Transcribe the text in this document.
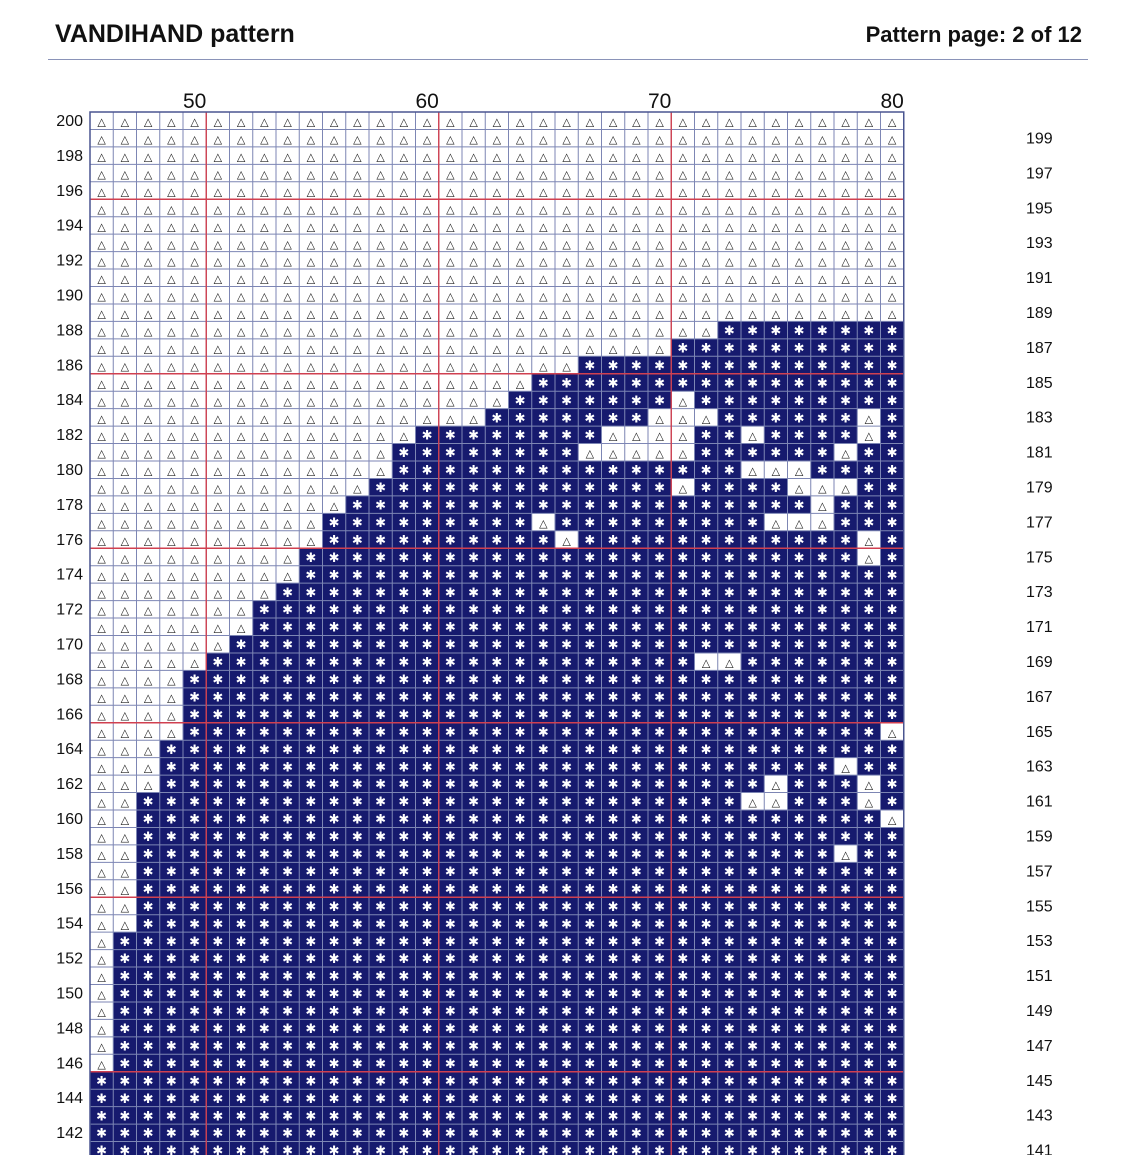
VANDIHAND pattern	Pattern page: 2 of 12
△ △ △ △ △ △ △ △ △ △ △ △ △ △ △ △ △ △ △ △ △ △ △ △ △ △ △ △ △ △ △ △ △ △ △
△ △ △ △ △ △ △ △ △ △ △ △ △ △ △ △ △ △ △ △ △ △ △ △ △ △ △ △ △ △ △ △ △ △ △
△ △ △ △ △ △ △ △ △ △ △ △ △ △ △ △ △ △ △ △ △ △ △ △ △ △ △ △ △ △ △ △ △ △ △
△ △ △ △ △ △ △ △ △ △ △ △ △ △ △ △ △ △ △ △ △ △ △ △ △ △ △ △ △ △ △ △ △ △ △
△ △ △ △ △ △ △ △ △ △ △ △ △ △ △ △ △ △ △ △ △ △ △ △ △ △ △ △ △ △ △ △ △ △ △
△ △ △ △ △ △ △ △ △ △ △ △ △ △ △ △ △ △ △ △ △ △ △ △ △ △ △ △ △ △ △ △ △ △ △
△ △ △ △ △ △ △ △ △ △ △ △ △ △ △ △ △ △ △ △ △ △ △ △ △ △ △ △ △ △ △ △ △ △ △
△ △ △ △ △ △ △ △ △ △ △ △ △ △ △ △ △ △ △ △ △ △ △ △ △ △ △ △ △ △ △ △ △ △ △
△ △ △ △ △ △ △ △ △ △ △ △ △ △ △ △ △ △ △ △ △ △ △ △ △ △ △ △ △ △ △ △ △ △ △
△ △ △ △ △ △ △ △ △ △ △ △ △ △ △ △ △ △ △ △ △ △ △ △ △ △ △ △ △ △ △ △ △ △ △
△ △ △ △ △ △ △ △ △ △ △ △ △ △ △ △ △ △ △ △ △ △ △ △ △ △ △ △ △ △ △ △ △ △ △
△ △ △ △ △ △ △ △ △ △ △ △ △ △ △ △ △ △ △ △ △ △ △ △ △ △ △ △ △ △ △ △ △ △ △
△ △ △ △ △ △ △ △ △ △ △ △ △ △ △ △ △ △ △ △ △ △ △ △ △ △ △ ✱ ✱ ✱ ✱ ✱ ✱ ✱ ✱
△ △ △ △ △ △ △ △ △ △ △ △ △ △ △ △ △ △ △ △ △ △ △ △ △ ✱ ✱ ✱ ✱ ✱ ✱ ✱ ✱ ✱ ✱
△ △ △ △ △ △ △ △ △ △ △ △ △ △ △ △ △ △ △ △ △ ✱ ✱ ✱ ✱ ✱ ✱ ✱ ✱ ✱ ✱ ✱ ✱ ✱ ✱
△ △ △ △ △ △ △ △ △ △ △ △ △ △ △ △ △ △ △ ✱ ✱ ✱ ✱ ✱ ✱ ✱ ✱ ✱ ✱ ✱ ✱ ✱ ✱ ✱ ✱
△ △ △ △ △ △ △ △ △ △ △ △ △ △ △ △ △ △ ✱ ✱ ✱ ✱ ✱ ✱ ✱ △ ✱ ✱ ✱ ✱ ✱ ✱ ✱ ✱ ✱
△ △ △ △ △ △ △ △ △ △ △ △ △ △ △ △ △ ✱ ✱ ✱ ✱ ✱ ✱ ✱ △ △ △ ✱ ✱ ✱ ✱ ✱ ✱ △ ✱
△ △ △ △ △ △ △ △ △ △ △ △ △ △ ✱ ✱ ✱ ✱ ✱ ✱ ✱ ✱ △ △ △ △ ✱ ✱ △ ✱ ✱ ✱ ✱ △ ✱
△ △ △ △ △ △ △ △ △ △ △ △ △ ✱ ✱ ✱ ✱ ✱ ✱ ✱ ✱ △ △ △ △ △ ✱ ✱ ✱ ✱ ✱ ✱ △ ✱ ✱
△ △ △ △ △ △ △ △ △ △ △ △ △ ✱ ✱ ✱ ✱ ✱ ✱ ✱ ✱ ✱ ✱ ✱ ✱ ✱ ✱ ✱ △ △ △ ✱ ✱ ✱ ✱
△ △ △ △ △ △ △ △ △ △ △ △ ✱ ✱ ✱ ✱ ✱ ✱ ✱ ✱ ✱ ✱ ✱ ✱ ✱ △ ✱ ✱ ✱ ✱ △ △ △ ✱ ✱
△ △ △ △ △ △ △ △ △ △ △ ✱ ✱ ✱ ✱ ✱ ✱ ✱ ✱ ✱ ✱ ✱ ✱ ✱ ✱ ✱ ✱ ✱ ✱ ✱ ✱ △ ✱ ✱ ✱
△ △ △ △ △ △ △ △ △ △ ✱ ✱ ✱ ✱ ✱ ✱ ✱ ✱ ✱ △ ✱ ✱ ✱ ✱ ✱ ✱ ✱ ✱ ✱ △ △ △ ✱ ✱ ✱
△ △ △ △ △ △ △ △ △ △ ✱ ✱ ✱ ✱ ✱ ✱ ✱ ✱ ✱ ✱ △ ✱ ✱ ✱ ✱ ✱ ✱ ✱ ✱ ✱ ✱ ✱ ✱ △ ✱
△ △ △ △ △ △ △ △ △ ✱ ✱ ✱ ✱ ✱ ✱ ✱ ✱ ✱ ✱ ✱ ✱ ✱ ✱ ✱ ✱ ✱ ✱ ✱ ✱ ✱ ✱ ✱ ✱ △ ✱
△ △ △ △ △ △ △ △ △ ✱ ✱ ✱ ✱ ✱ ✱ ✱ ✱ ✱ ✱ ✱ ✱ ✱ ✱ ✱ ✱ ✱ ✱ ✱ ✱ ✱ ✱ ✱ ✱ ✱ ✱
△ △ △ △ △ △ △ △ ✱ ✱ ✱ ✱ ✱ ✱ ✱ ✱ ✱ ✱ ✱ ✱ ✱ ✱ ✱ ✱ ✱ ✱ ✱ ✱ ✱ ✱ ✱ ✱ ✱ ✱ ✱
△ △ △ △ △ △ △ ✱ ✱ ✱ ✱ ✱ ✱ ✱ ✱ ✱ ✱ ✱ ✱ ✱ ✱ ✱ ✱ ✱ ✱ ✱ ✱ ✱ ✱ ✱ ✱ ✱ ✱ ✱ ✱
△ △ △ △ △ △ △ ✱ ✱ ✱ ✱ ✱ ✱ ✱ ✱ ✱ ✱ ✱ ✱ ✱ ✱ ✱ ✱ ✱ ✱ ✱ ✱ ✱ ✱ ✱ ✱ ✱ ✱ ✱ ✱
△ △ △ △ △ △ ✱ ✱ ✱ ✱ ✱ ✱ ✱ ✱ ✱ ✱ ✱ ✱ ✱ ✱ ✱ ✱ ✱ ✱ ✱ ✱ ✱ ✱ ✱ ✱ ✱ ✱ ✱ ✱ ✱
△ △ △ △ △ ✱ ✱ ✱ ✱ ✱ ✱ ✱ ✱ ✱ ✱ ✱ ✱ ✱ ✱ ✱ ✱ ✱ ✱ ✱ ✱ ✱ △ △ ✱ ✱ ✱ ✱ ✱ ✱ ✱
△ △ △ △ ✱ ✱ ✱ ✱ ✱ ✱ ✱ ✱ ✱ ✱ ✱ ✱ ✱ ✱ ✱ ✱ ✱ ✱ ✱ ✱ ✱ ✱ ✱ ✱ ✱ ✱ ✱ ✱ ✱ ✱ ✱
△ △ △ △ ✱ ✱ ✱ ✱ ✱ ✱ ✱ ✱ ✱ ✱ ✱ ✱ ✱ ✱ ✱ ✱ ✱ ✱ ✱ ✱ ✱ ✱ ✱ ✱ ✱ ✱ ✱ ✱ ✱ ✱ ✱
△ △ △ △ ✱ ✱ ✱ ✱ ✱ ✱ ✱ ✱ ✱ ✱ ✱ ✱ ✱ ✱ ✱ ✱ ✱ ✱ ✱ ✱ ✱ ✱ ✱ ✱ ✱ ✱ ✱ ✱ ✱ ✱ ✱
△ △ △ △ ✱ ✱ ✱ ✱ ✱ ✱ ✱ ✱ ✱ ✱ ✱ ✱ ✱ ✱ ✱ ✱ ✱ ✱ ✱ ✱ ✱ ✱ ✱ ✱ ✱ ✱ ✱ ✱ ✱ ✱ △
△ △ △ ✱ ✱ ✱ ✱ ✱ ✱ ✱ ✱ ✱ ✱ ✱ ✱ ✱ ✱ ✱ ✱ ✱ ✱ ✱ ✱ ✱ ✱ ✱ ✱ ✱ ✱ ✱ ✱ ✱ ✱ ✱ ✱
△ △ △ ✱ ✱ ✱ ✱ ✱ ✱ ✱ ✱ ✱ ✱ ✱ ✱ ✱ ✱ ✱ ✱ ✱ ✱ ✱ ✱ ✱ ✱ ✱ ✱ ✱ ✱ ✱ ✱ ✱ △ ✱ ✱
△ △ △ ✱ ✱ ✱ ✱ ✱ ✱ ✱ ✱ ✱ ✱ ✱ ✱ ✱ ✱ ✱ ✱ ✱ ✱ ✱ ✱ ✱ ✱ ✱ ✱ ✱ ✱ △ ✱ ✱ ✱ △ ✱
△ △ ✱ ✱ ✱ ✱ ✱ ✱ ✱ ✱ ✱ ✱ ✱ ✱ ✱ ✱ ✱ ✱ ✱ ✱ ✱ ✱ ✱ ✱ ✱ ✱ ✱ ✱ △ △ ✱ ✱ ✱ △ ✱
△ △ ✱ ✱ ✱ ✱ ✱ ✱ ✱ ✱ ✱ ✱ ✱ ✱ ✱ ✱ ✱ ✱ ✱ ✱ ✱ ✱ ✱ ✱ ✱ ✱ ✱ ✱ ✱ ✱ ✱ ✱ ✱ ✱ △
△ △ ✱ ✱ ✱ ✱ ✱ ✱ ✱ ✱ ✱ ✱ ✱ ✱ ✱ ✱ ✱ ✱ ✱ ✱ ✱ ✱ ✱ ✱ ✱ ✱ ✱ ✱ ✱ ✱ ✱ ✱ ✱ ✱ ✱
△ △ ✱ ✱ ✱ ✱ ✱ ✱ ✱ ✱ ✱ ✱ ✱ ✱ ✱ ✱ ✱ ✱ ✱ ✱ ✱ ✱ ✱ ✱ ✱ ✱ ✱ ✱ ✱ ✱ ✱ ✱ △ ✱ ✱
△ △ ✱ ✱ ✱ ✱ ✱ ✱ ✱ ✱ ✱ ✱ ✱ ✱ ✱ ✱ ✱ ✱ ✱ ✱ ✱ ✱ ✱ ✱ ✱ ✱ ✱ ✱ ✱ ✱ ✱ ✱ ✱ ✱ ✱
△ △ ✱ ✱ ✱ ✱ ✱ ✱ ✱ ✱ ✱ ✱ ✱ ✱ ✱ ✱ ✱ ✱ ✱ ✱ ✱ ✱ ✱ ✱ ✱ ✱ ✱ ✱ ✱ ✱ ✱ ✱ ✱ ✱ ✱
△ △ ✱ ✱ ✱ ✱ ✱ ✱ ✱ ✱ ✱ ✱ ✱ ✱ ✱ ✱ ✱ ✱ ✱ ✱ ✱ ✱ ✱ ✱ ✱ ✱ ✱ ✱ ✱ ✱ ✱ ✱ ✱ ✱ ✱
△ △ ✱ ✱ ✱ ✱ ✱ ✱ ✱ ✱ ✱ ✱ ✱ ✱ ✱ ✱ ✱ ✱ ✱ ✱ ✱ ✱ ✱ ✱ ✱ ✱ ✱ ✱ ✱ ✱ ✱ ✱ ✱ ✱ ✱
△ ✱ ✱ ✱ ✱ ✱ ✱ ✱ ✱ ✱ ✱ ✱ ✱ ✱ ✱ ✱ ✱ ✱ ✱ ✱ ✱ ✱ ✱ ✱ ✱ ✱ ✱ ✱ ✱ ✱ ✱ ✱ ✱ ✱ ✱
△ ✱ ✱ ✱ ✱ ✱ ✱ ✱ ✱ ✱ ✱ ✱ ✱ ✱ ✱ ✱ ✱ ✱ ✱ ✱ ✱ ✱ ✱ ✱ ✱ ✱ ✱ ✱ ✱ ✱ ✱ ✱ ✱ ✱ ✱
△ ✱ ✱ ✱ ✱ ✱ ✱ ✱ ✱ ✱ ✱ ✱ ✱ ✱ ✱ ✱ ✱ ✱ ✱ ✱ ✱ ✱ ✱ ✱ ✱ ✱ ✱ ✱ ✱ ✱ ✱ ✱ ✱ ✱ ✱
△ ✱ ✱ ✱ ✱ ✱ ✱ ✱ ✱ ✱ ✱ ✱ ✱ ✱ ✱ ✱ ✱ ✱ ✱ ✱ ✱ ✱ ✱ ✱ ✱ ✱ ✱ ✱ ✱ ✱ ✱ ✱ ✱ ✱ ✱
△ ✱ ✱ ✱ ✱ ✱ ✱ ✱ ✱ ✱ ✱ ✱ ✱ ✱ ✱ ✱ ✱ ✱ ✱ ✱ ✱ ✱ ✱ ✱ ✱ ✱ ✱ ✱ ✱ ✱ ✱ ✱ ✱ ✱ ✱
△ ✱ ✱ ✱ ✱ ✱ ✱ ✱ ✱ ✱ ✱ ✱ ✱ ✱ ✱ ✱ ✱ ✱ ✱ ✱ ✱ ✱ ✱ ✱ ✱ ✱ ✱ ✱ ✱ ✱ ✱ ✱ ✱ ✱ ✱
△ ✱ ✱ ✱ ✱ ✱ ✱ ✱ ✱ ✱ ✱ ✱ ✱ ✱ ✱ ✱ ✱ ✱ ✱ ✱ ✱ ✱ ✱ ✱ ✱ ✱ ✱ ✱ ✱ ✱ ✱ ✱ ✱ ✱ ✱
△ ✱ ✱ ✱ ✱ ✱ ✱ ✱ ✱ ✱ ✱ ✱ ✱ ✱ ✱ ✱ ✱ ✱ ✱ ✱ ✱ ✱ ✱ ✱ ✱ ✱ ✱ ✱ ✱ ✱ ✱ ✱ ✱ ✱ ✱
✱ ✱ ✱ ✱ ✱ ✱ ✱ ✱ ✱ ✱ ✱ ✱ ✱ ✱ ✱ ✱ ✱ ✱ ✱ ✱ ✱ ✱ ✱ ✱ ✱ ✱ ✱ ✱ ✱ ✱ ✱ ✱ ✱ ✱ ✱
✱ ✱ ✱ ✱ ✱ ✱ ✱ ✱ ✱ ✱ ✱ ✱ ✱ ✱ ✱ ✱ ✱ ✱ ✱ ✱ ✱ ✱ ✱ ✱ ✱ ✱ ✱ ✱ ✱ ✱ ✱ ✱ ✱ ✱ ✱
✱ ✱ ✱ ✱ ✱ ✱ ✱ ✱ ✱ ✱ ✱ ✱ ✱ ✱ ✱ ✱ ✱ ✱ ✱ ✱ ✱ ✱ ✱ ✱ ✱ ✱ ✱ ✱ ✱ ✱ ✱ ✱ ✱ ✱ ✱
✱ ✱ ✱ ✱ ✱ ✱ ✱ ✱ ✱ ✱ ✱ ✱ ✱ ✱ ✱ ✱ ✱ ✱ ✱ ✱ ✱ ✱ ✱ ✱ ✱ ✱ ✱ ✱ ✱ ✱ ✱ ✱ ✱ ✱ ✱
✱ ✱ ✱ ✱ ✱ ✱ ✱ ✱ ✱ ✱ ✱ ✱ ✱ ✱ ✱ ✱ ✱ ✱ ✱ ✱ ✱ ✱ ✱ ✱ ✱ ✱ ✱ ✱ ✱ ✱ ✱ ✱ ✱ ✱ ✱
50	60	70	80
200
198
196
194
192
190
188
186
184
182
180
178
176
174
172
170
168
166
164
162
160
158
156
154
152
150
148
146
144
142
199
197
195
193
191
189
187
185
183
181
179
177
175
173
171
169
167
165
163
161
159
157
155
153
151
149
147
145
143
141
